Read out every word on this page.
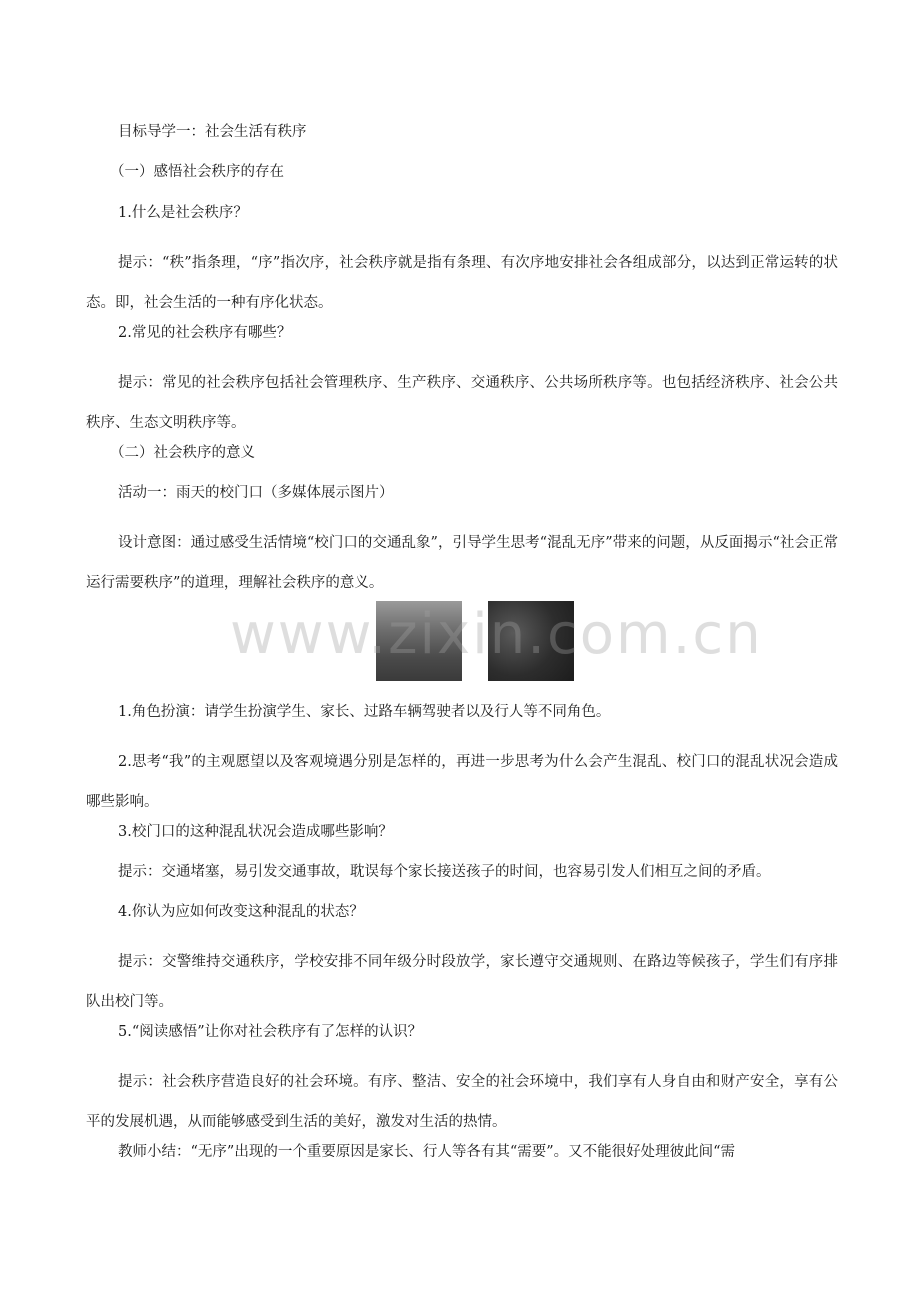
目标导学一：社会生活有秩序
（一）感悟社会秩序的存在
1.什么是社会秩序？
提示：“秩”指条理，“序”指次序，社会秩序就是指有条理、有次序地安排社会各组成部分，以达到正常运转的状态。即，社会生活的一种有序化状态。
2.常见的社会秩序有哪些？
提示：常见的社会秩序包括社会管理秩序、生产秩序、交通秩序、公共场所秩序等。也包括经济秩序、社会公共秩序、生态文明秩序等。
（二）社会秩序的意义
活动一：雨天的校门口（多媒体展示图片）
设计意图：通过感受生活情境“校门口的交通乱象”，引导学生思考“混乱无序”带来的问题，从反面揭示“社会正常运行需要秩序”的道理，理解社会秩序的意义。
www.zixin.com.cn
1.角色扮演：请学生扮演学生、家长、过路车辆驾驶者以及行人等不同角色。
2.思考“我”的主观愿望以及客观境遇分别是怎样的，再进一步思考为什么会产生混乱、校门口的混乱状况会造成哪些影响。
3.校门口的这种混乱状况会造成哪些影响？
提示：交通堵塞，易引发交通事故，耽误每个家长接送孩子的时间，也容易引发人们相互之间的矛盾。
4.你认为应如何改变这种混乱的状态？
提示：交警维持交通秩序，学校安排不同年级分时段放学，家长遵守交通规则、在路边等候孩子，学生们有序排队出校门等。
5.“阅读感悟”让你对社会秩序有了怎样的认识？
提示：社会秩序营造良好的社会环境。有序、整洁、安全的社会环境中，我们享有人身自由和财产安全，享有公平的发展机遇，从而能够感受到生活的美好，激发对生活的热情。
教师小结：“无序”出现的一个重要原因是家长、行人等各有其“需要”。又不能很好处理彼此间“需
